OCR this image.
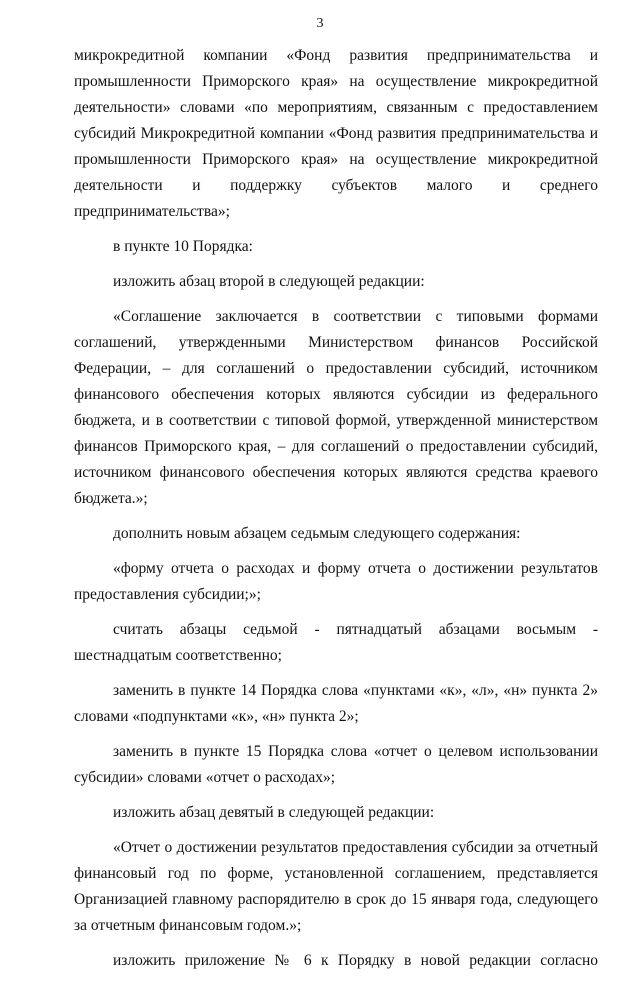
3

микрокредитной компании «Фонд развития предпринимательства и промышленности Приморского края» на осуществление микрокредитной деятельности» словами «по мероприятиям, связанным с предоставлением субсидий Микрокредитной компании «Фонд развития предпринимательства и промышленности Приморского края» на осуществление микрокредитной деятельности и поддержку субъектов малого и среднего предпринимательства»;

в пункте 10 Порядка:

изложить абзац второй в следующей редакции:

«Соглашение заключается в соответствии с типовыми формами соглашений, утвержденными Министерством финансов Российской Федерации, – для соглашений о предоставлении субсидий, источником финансового обеспечения которых являются субсидии из федерального бюджета, и в соответствии с типовой формой, утвержденной министерством финансов Приморского края, – для соглашений о предоставлении субсидий, источником финансового обеспечения которых являются средства краевого бюджета.»;

дополнить новым абзацем седьмым следующего содержания:

«форму отчета о расходах и форму отчета о достижении результатов предоставления субсидии;»;

считать абзацы седьмой - пятнадцатый абзацами восьмым - шестнадцатым соответственно;

заменить в пункте 14 Порядка слова «пунктами «к», «л», «н» пункта 2» словами «подпунктами «к», «н» пункта 2»;

заменить в пункте 15 Порядка слова «отчет о целевом использовании субсидии» словами «отчет о расходах»;

изложить абзац девятый в следующей редакции:

«Отчет о достижении результатов предоставления субсидии за отчетный финансовый год по форме, установленной соглашением, представляется Организацией главному распорядителю в срок до 15 января года, следующего за отчетным финансовым годом.»;

изложить приложение № 6 к Порядку в новой редакции согласно
